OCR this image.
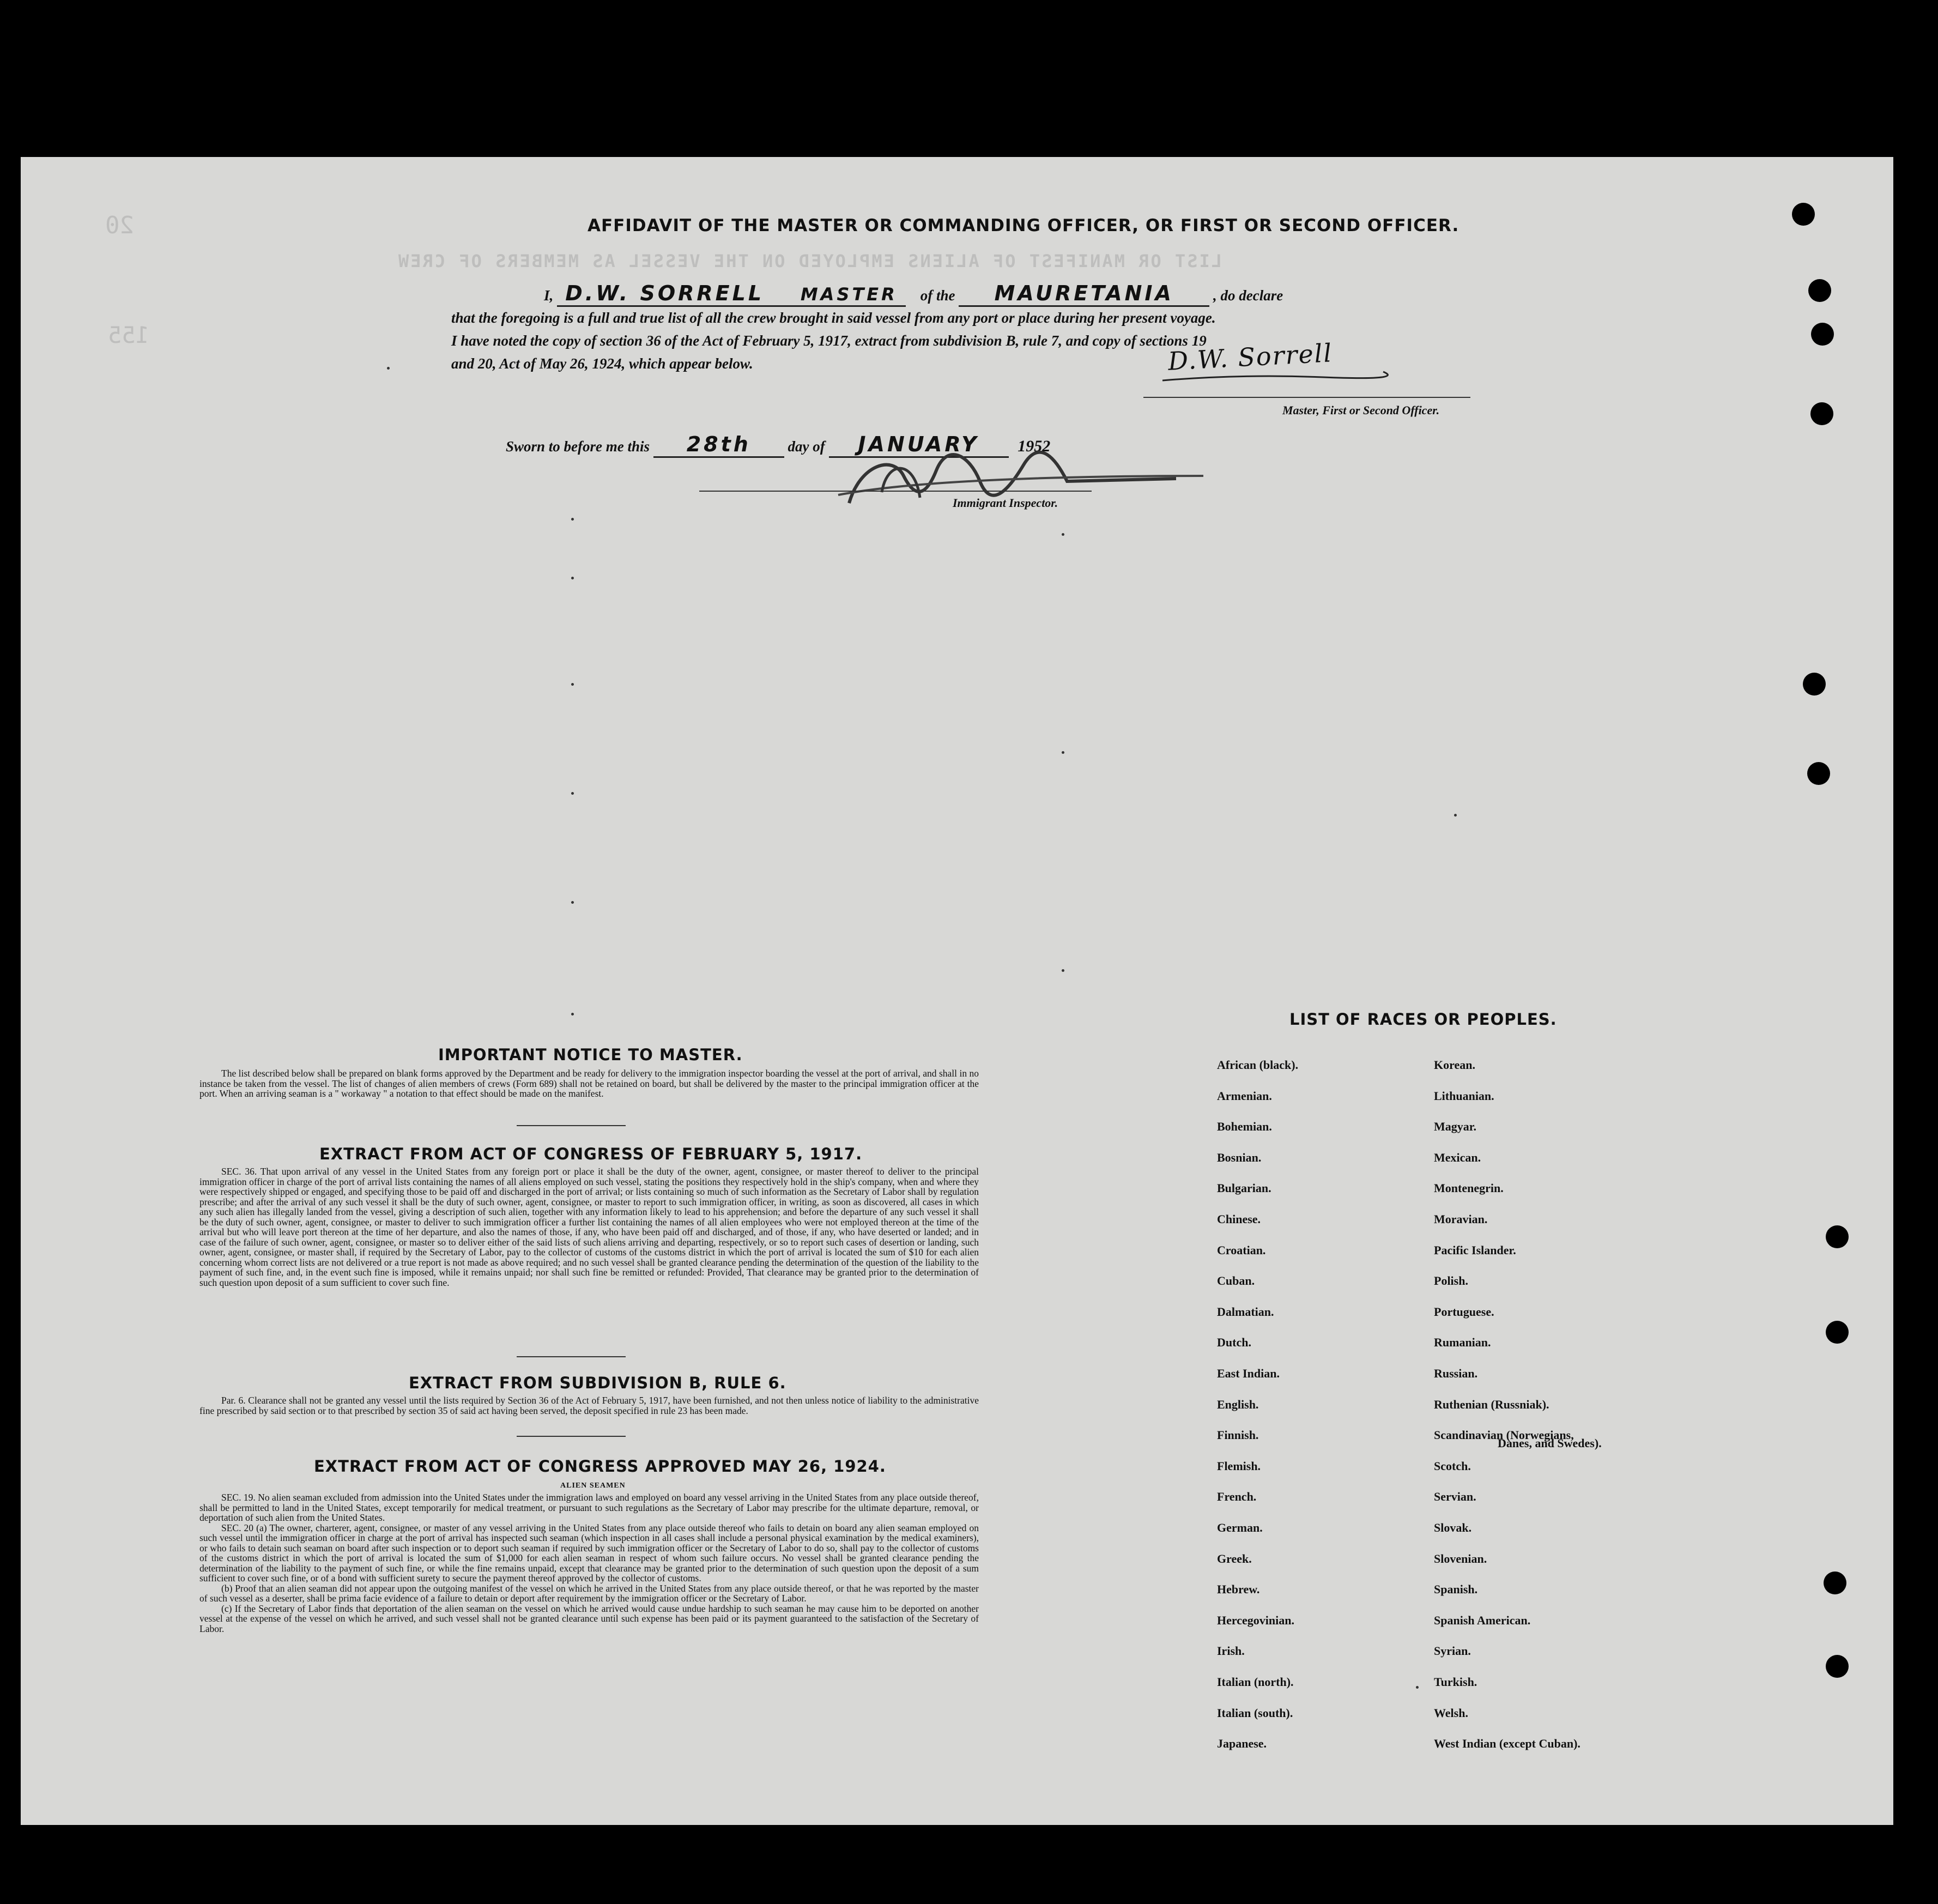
LIST OR MANIFEST OF ALIENS EMPLOYED ON THE VESSEL AS MEMBERS OF CREW
155
20	AFFIDAVIT OF THE MASTER OR COMMANDING OFFICER, OR FIRST OR SECOND OFFICER.
I, D.W. SORRELL MASTER of the MAURETANIA	, do declare
that the foregoing is a full and true list of all the crew brought in said vessel from any port or place during her present voyage.
I have noted the copy of section 36 of the Act of February 5, 1917, extract from subdivision B, rule 7, and copy of sections 19
and 20, Act of May 26, 1924, which appear below.	D.W. Sorrell
Master, First or Second Officer.
Sworn to before me this 28th	day of JANUARY 1952
Immigrant Inspector.
IMPORTANT NOTICE TO MASTER.

The list described below shall be prepared on blank forms approved by the Department and be ready for delivery to the immigration inspector boarding the vessel at the port of arrival, and shall in no instance be taken from the vessel. The list of changes of alien members of crews (Form 689) shall not be retained on board, but shall be delivered by the master to the principal immigration officer at the port. When an arriving seaman is a " workaway " a notation to that effect should be made on the manifest.

EXTRACT FROM ACT OF CONGRESS OF FEBRUARY 5, 1917.

SEC. 36. That upon arrival of any vessel in the United States from any foreign port or place it shall be the duty of the owner, agent, consignee, or master thereof to deliver to the principal immigration officer in charge of the port of arrival lists containing the names of all aliens employed on such vessel, stating the positions they respectively hold in the ship's company, when and where they were respectively shipped or engaged, and specifying those to be paid off and discharged in the port of arrival; or lists containing so much of such information as the Secretary of Labor shall by regulation prescribe; and after the arrival of any such vessel it shall be the duty of such owner, agent, consignee, or master to report to such immigration officer, in writing, as soon as discovered, all cases in which any such alien has illegally landed from the vessel, giving a description of such alien, together with any information likely to lead to his apprehension; and before the departure of any such vessel it shall be the duty of such owner, agent, consignee, or master to deliver to such immigration officer a further list containing the names of all alien employees who were not employed thereon at the time of the arrival but who will leave port thereon at the time of her departure, and also the names of those, if any, who have been paid off and discharged, and of those, if any, who have deserted or landed; and in case of the failure of such owner, agent, consignee, or master so to deliver either of the said lists of such aliens arriving and departing, respectively, or so to report such cases of desertion or landing, such owner, agent, consignee, or master shall, if required by the Secretary of Labor, pay to the collector of customs of the customs district in which the port of arrival is located the sum of $10 for each alien concerning whom correct lists are not delivered or a true report is not made as above required; and no such vessel shall be granted clearance pending the determination of the question of the liability to the payment of such fine, and, in the event such fine is imposed, while it remains unpaid; nor shall such fine be remitted or refunded: Provided, That clearance may be granted prior to the determination of such question upon deposit of a sum sufficient to cover such fine.

EXTRACT FROM SUBDIVISION B, RULE 6.

Par. 6. Clearance shall not be granted any vessel until the lists required by Section 36 of the Act of February 5, 1917, have been furnished, and not then unless notice of liability to the administrative fine prescribed by said section or to that prescribed by section 35 of said act having been served, the deposit specified in rule 23 has been made.

EXTRACT FROM ACT OF CONGRESS APPROVED MAY 26, 1924.
ALIEN SEAMEN

SEC. 19. No alien seaman excluded from admission into the United States under the immigration laws and employed on board any vessel arriving in the United States from any place outside thereof, shall be permitted to land in the United States, except temporarily for medical treatment, or pursuant to such regulations as the Secretary of Labor may prescribe for the ultimate departure, removal, or deportation of such alien from the United States.

SEC. 20 (a) The owner, charterer, agent, consignee, or master of any vessel arriving in the United States from any place outside thereof who fails to detain on board any alien seaman employed on such vessel until the immigration officer in charge at the port of arrival has inspected such seaman (which inspection in all cases shall include a personal physical examination by the medical examiners), or who fails to detain such seaman on board after such inspection or to deport such seaman if required by such immigration officer or the Secretary of Labor to do so, shall pay to the collector of customs of the customs district in which the port of arrival is located the sum of $1,000 for each alien seaman in respect of whom such failure occurs. No vessel shall be granted clearance pending the determination of the liability to the payment of such fine, or while the fine remains unpaid, except that clearance may be granted prior to the determination of such question upon the deposit of a sum sufficient to cover such fine, or of a bond with sufficient surety to secure the payment thereof approved by the collector of customs.

(b) Proof that an alien seaman did not appear upon the outgoing manifest of the vessel on which he arrived in the United States from any place outside thereof, or that he was reported by the master of such vessel as a deserter, shall be prima facie evidence of a failure to detain or deport after requirement by the immigration officer or the Secretary of Labor.

(c) If the Secretary of Labor finds that deportation of the alien seaman on the vessel on which he arrived would cause undue hardship to such seaman he may cause him to be deported on another vessel at the expense of the vessel on which he arrived, and such vessel shall not be granted clearance until such expense has been paid or its payment guaranteed to the satisfaction of the Secretary of Labor.

LIST OF RACES OR PEOPLES.
African (black).
Armenian.
Bohemian.
Bosnian.
Bulgarian.
Chinese.
Croatian.
Cuban.
Dalmatian.
Dutch.
East Indian.
English.
Finnish.
Flemish.
French.
German.
Greek.
Hebrew.
Hercegovinian.
Irish.
Italian (north).
Italian (south).
Japanese.
Korean.
Lithuanian.
Magyar.
Mexican.
Montenegrin.
Moravian.
Pacific Islander.
Polish.
Portuguese.
Rumanian.
Russian.
Ruthenian (Russniak).
Scandinavian (Norwegians,
Scotch.
Servian.
Slovak.
Slovenian.
Spanish.
Spanish American.
Syrian.
Turkish.
Welsh.
West Indian (except Cuban).
Danes, and Swedes).
